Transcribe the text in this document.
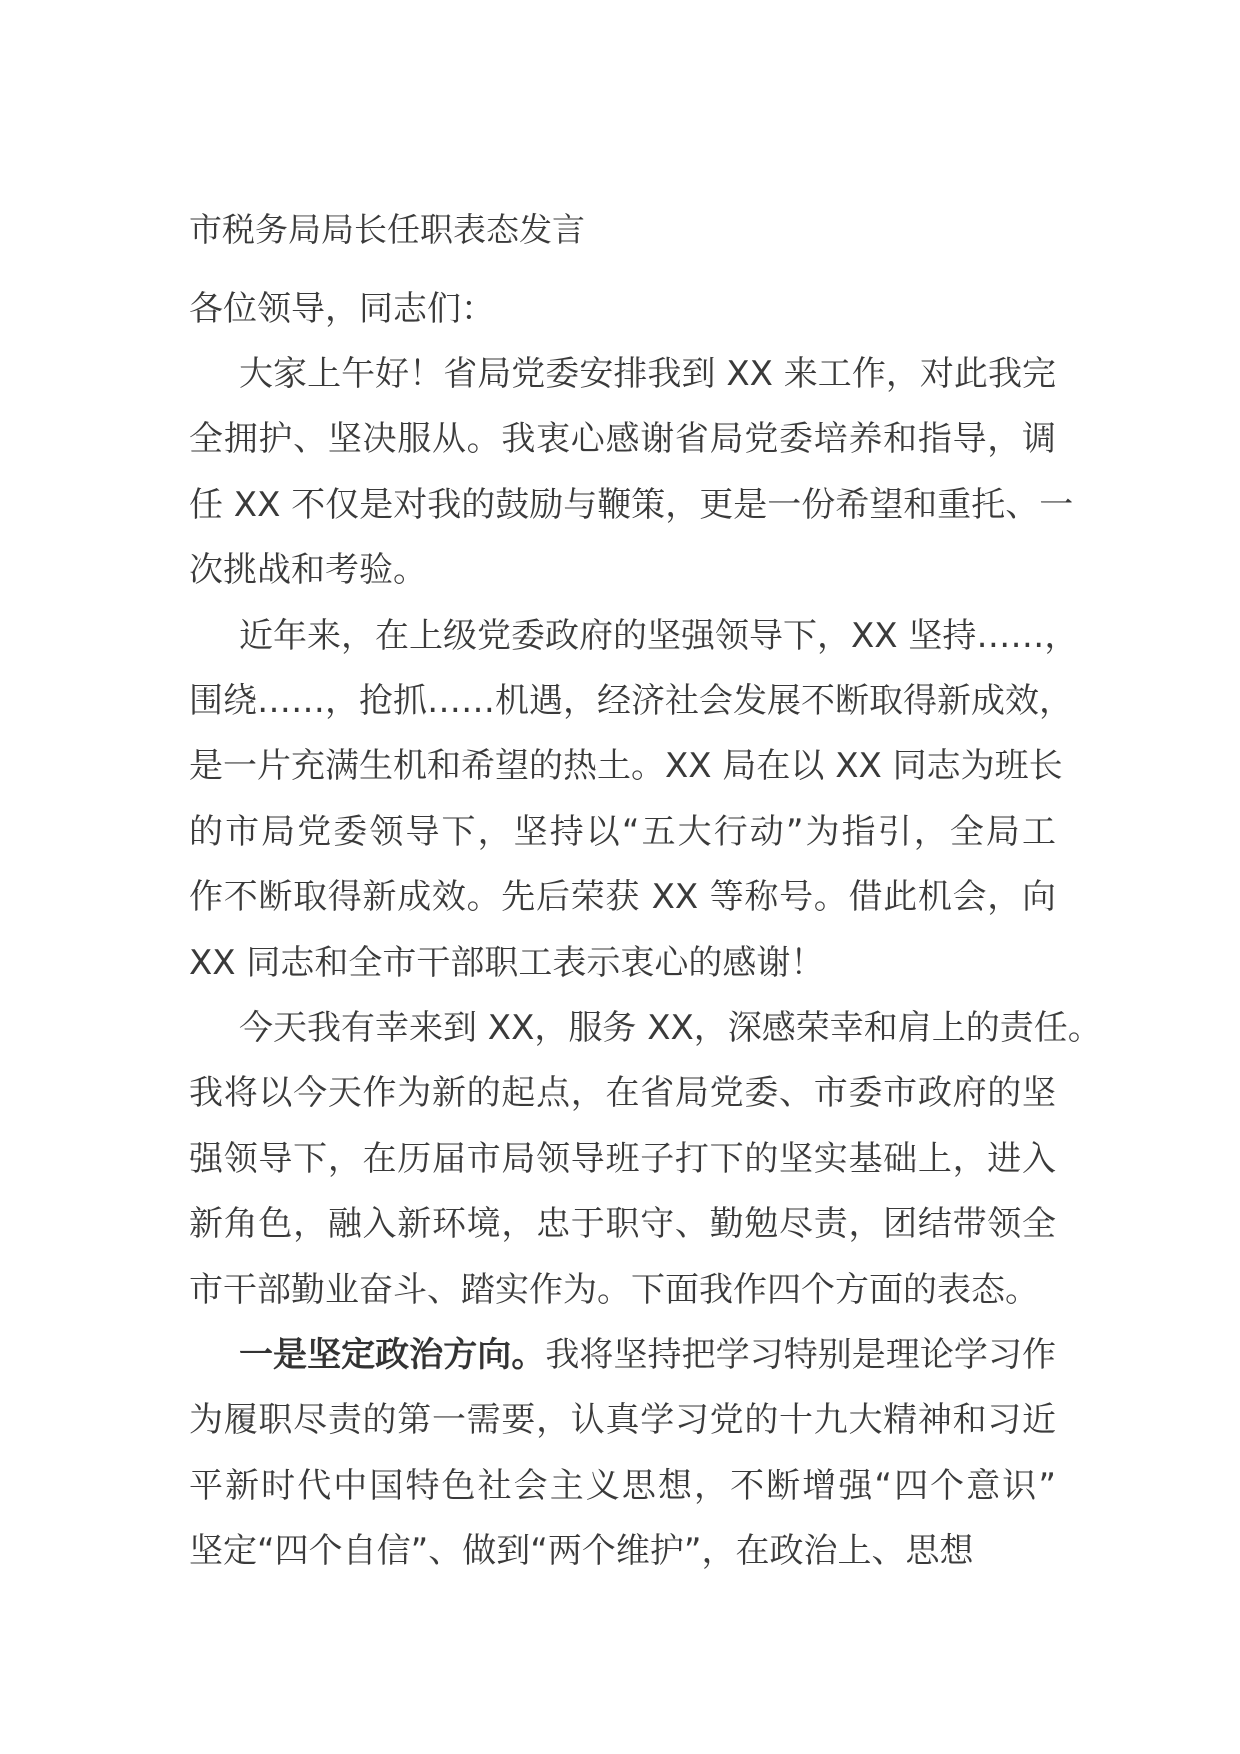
市税务局局长任职表态发言
各位领导，同志们：
大家上午好！省局党委安排我到 XX 来工作，对此我完
全拥护、坚决服从。我衷心感谢省局党委培养和指导，调
任 XX 不仅是对我的鼓励与鞭策，更是一份希望和重托、一
次挑战和考验。
近年来，在上级党委政府的坚强领导下，XX 坚持……，
围绕……，抢抓……机遇，经济社会发展不断取得新成效，
是一片充满生机和希望的热土。XX 局在以 XX 同志为班长
的市局党委领导下，坚持以“五大行动”为指引，全局工
作不断取得新成效。先后荣获 XX 等称号。借此机会，向
XX 同志和全市干部职工表示衷心的感谢！
今天我有幸来到 XX，服务 XX，深感荣幸和肩上的责任。
我将以今天作为新的起点，在省局党委、市委市政府的坚
强领导下，在历届市局领导班子打下的坚实基础上，进入
新角色，融入新环境，忠于职守、勤勉尽责，团结带领全
市干部勤业奋斗、踏实作为。下面我作四个方面的表态。
一是坚定政治方向。我将坚持把学习特别是理论学习作
为履职尽责的第一需要，认真学习党的十九大精神和习近
平新时代中国特色社会主义思想，不断增强“四个意识”
坚定“四个自信”、做到“两个维护”，在政治上、思想
